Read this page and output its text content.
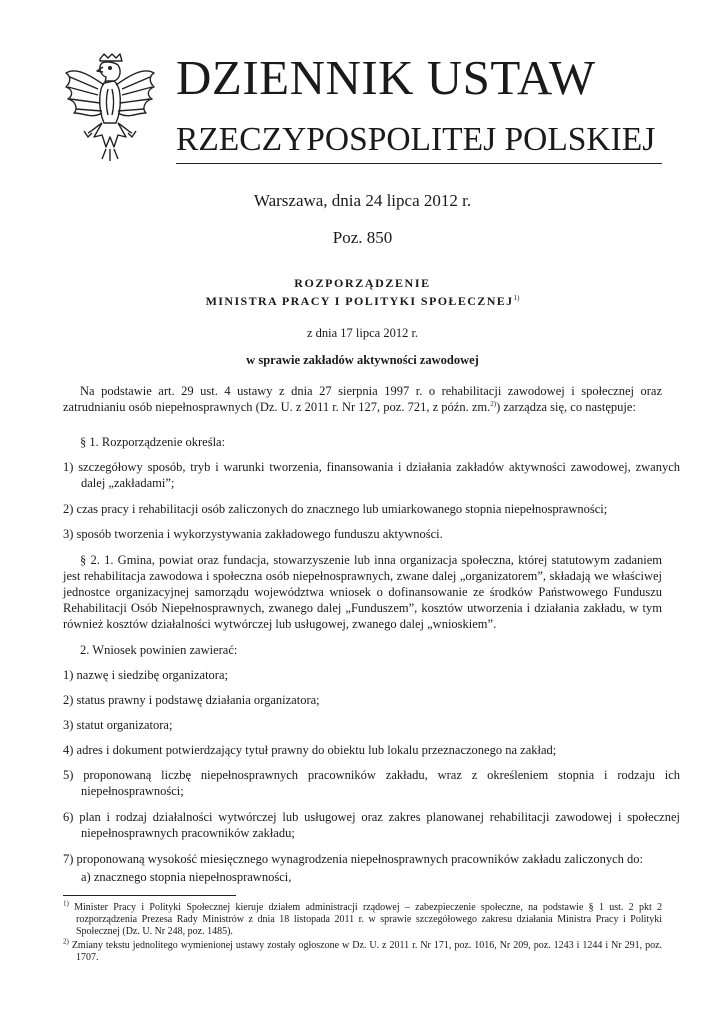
DZIENNIK USTAW
RZECZYPOSPOLITEJ POLSKIEJ
Warszawa, dnia 24 lipca 2012 r.
Poz. 850
ROZPORZĄDZENIE
MINISTRA PRACY I POLITYKI SPOŁECZNEJ$^{1)}$
z dnia 17 lipca 2012 r.
w sprawie zakładów aktywności zawodowej
Na podstawie art. 29 ust. 4 ustawy z dnia 27 sierpnia 1997 r. o rehabilitacji zawodowej i społecznej oraz zatrudnianiu osób niepełnosprawnych (Dz. U. z 2011 r. Nr 127, poz. 721, z późn. zm.$^{2)}$) zarządza się, co następuje:
§ 1. Rozporządzenie określa:
1) szczegółowy sposób, tryb i warunki tworzenia, finansowania i działania zakładów aktywności zawodowej, zwanych dalej „zakładami”;
2) czas pracy i rehabilitacji osób zaliczonych do znacznego lub umiarkowanego stopnia niepełnosprawności;
3) sposób tworzenia i wykorzystywania zakładowego funduszu aktywności.
§ 2. 1. Gmina, powiat oraz fundacja, stowarzyszenie lub inna organizacja społeczna, której statutowym zadaniem jest rehabilitacja zawodowa i społeczna osób niepełnosprawnych, zwane dalej „organizatorem”, składają we właściwej jednostce organizacyjnej samorządu województwa wniosek o dofinansowanie ze środków Państwowego Funduszu Rehabilitacji Osób Niepełnosprawnych, zwanego dalej „Funduszem”, kosztów utworzenia i działania zakładu, w tym również kosztów działalności wytwórczej lub usługowej, zwanego dalej „wnioskiem”.
2. Wniosek powinien zawierać:
1) nazwę i siedzibę organizatora;
2) status prawny i podstawę działania organizatora;
3) statut organizatora;
4) adres i dokument potwierdzający tytuł prawny do obiektu lub lokalu przeznaczonego na zakład;
5) proponowaną liczbę niepełnosprawnych pracowników zakładu, wraz z określeniem stopnia i rodzaju ich niepełnosprawności;
6) plan i rodzaj działalności wytwórczej lub usługowej oraz zakres planowanej rehabilitacji zawodowej i społecznej niepełnosprawnych pracowników zakładu;
7) proponowaną wysokość miesięcznego wynagrodzenia niepełnosprawnych pracowników zakładu zaliczonych do:
a) znacznego stopnia niepełnosprawności,
$^{1)}$ Minister Pracy i Polityki Społecznej kieruje działem administracji rządowej – zabezpieczenie społeczne, na podstawie § 1 ust. 2 pkt 2 rozporządzenia Prezesa Rady Ministrów z dnia 18 listopada 2011 r. w sprawie szczegółowego zakresu działania Ministra Pracy i Polityki Społecznej (Dz. U. Nr 248, poz. 1485).
$^{2)}$ Zmiany tekstu jednolitego wymienionej ustawy zostały ogłoszone w Dz. U. z 2011 r. Nr 171, poz. 1016, Nr 209, poz. 1243 i 1244 i Nr 291, poz. 1707.
